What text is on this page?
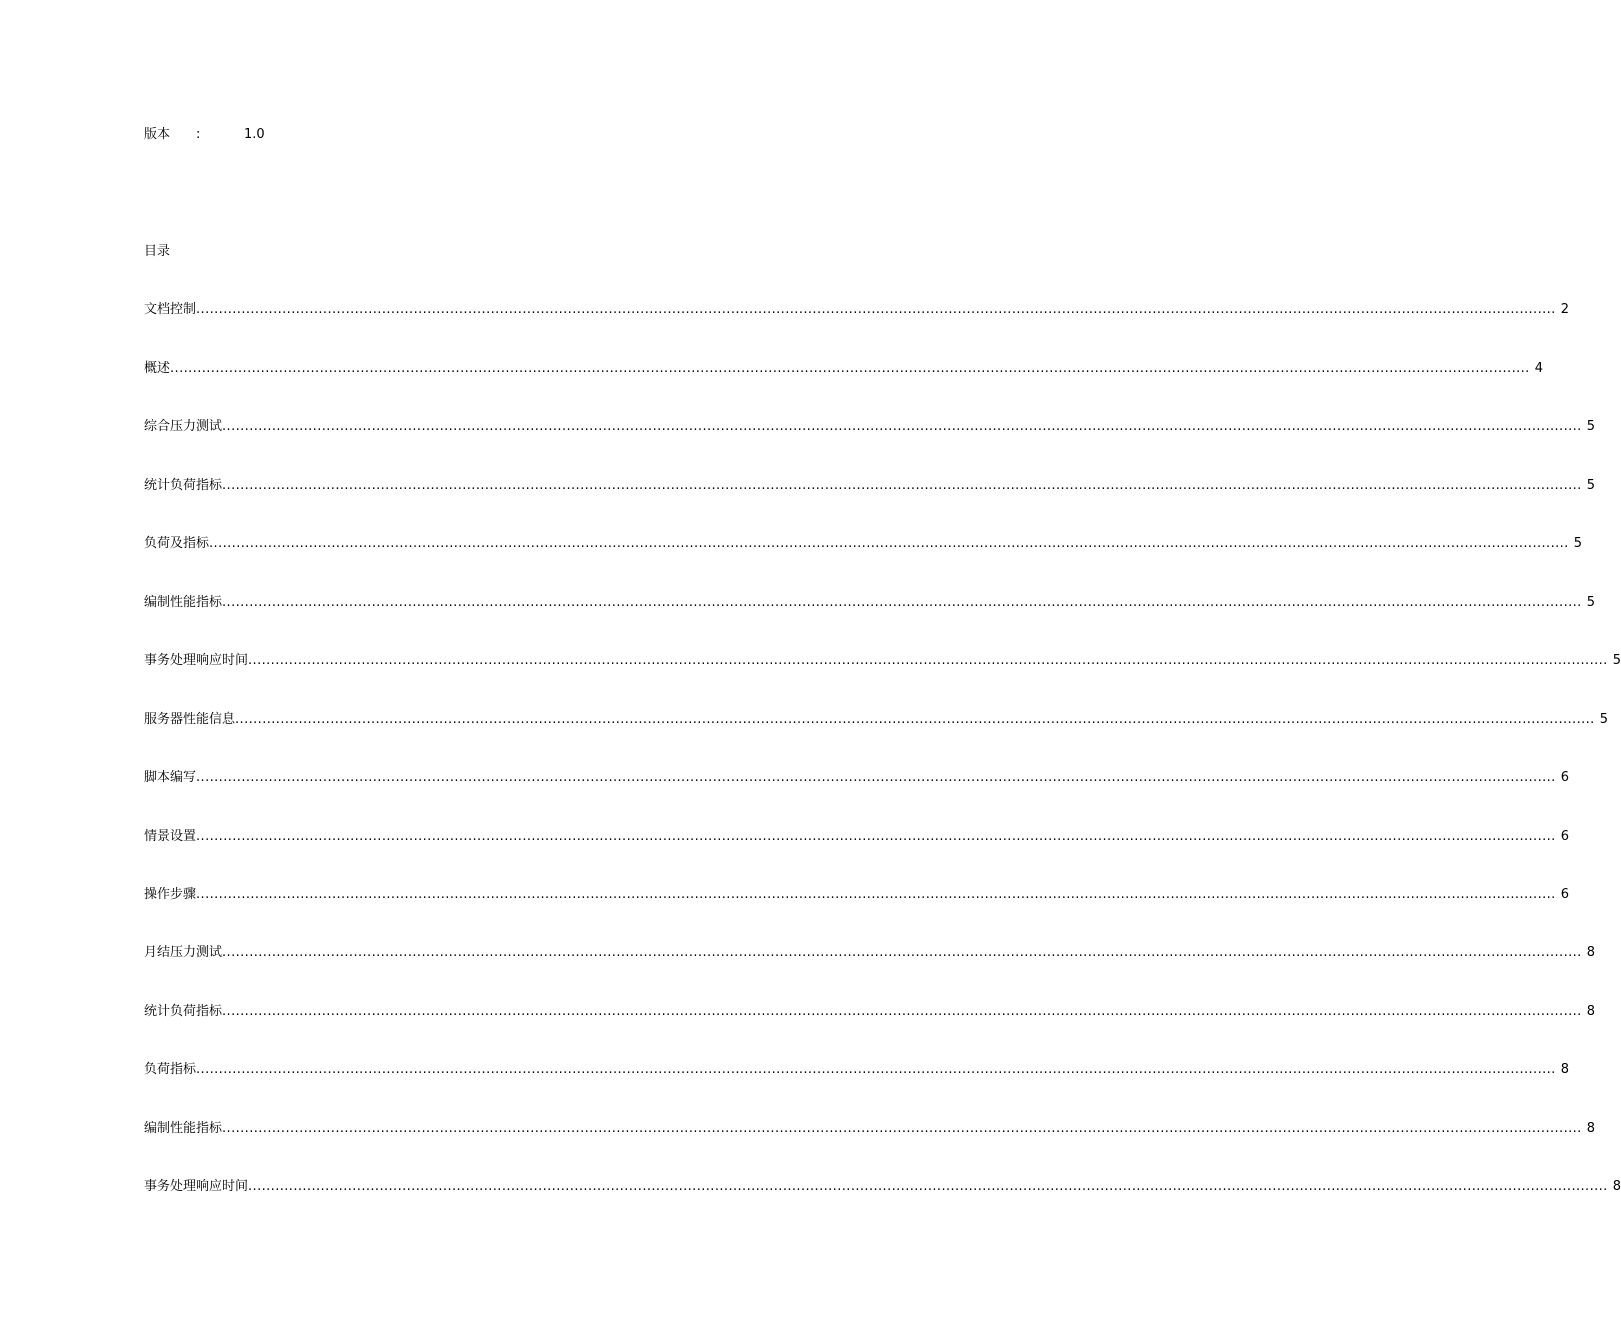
版本 :	1.0
目录
文档控制 ............................................................................................................................................................................................................................................................................................................ 2
概述 ............................................................................................................................................................................................................................................................................................................ 4
综合压力测试 ............................................................................................................................................................................................................................................................................................................ 5
统计负荷指标 ............................................................................................................................................................................................................................................................................................................ 5
负荷及指标 ............................................................................................................................................................................................................................................................................................................ 5
编制性能指标 ............................................................................................................................................................................................................................................................................................................ 5
事务处理响应时间 ............................................................................................................................................................................................................................................................................................................ 5
服务器性能信息 ............................................................................................................................................................................................................................................................................................................ 5
脚本编写 ............................................................................................................................................................................................................................................................................................................ 6
情景设置 ............................................................................................................................................................................................................................................................................................................ 6
操作步骤 ............................................................................................................................................................................................................................................................................................................ 6
月结压力测试 ............................................................................................................................................................................................................................................................................................................ 8
统计负荷指标 ............................................................................................................................................................................................................................................................................................................ 8
负荷指标 ............................................................................................................................................................................................................................................................................................................ 8
编制性能指标 ............................................................................................................................................................................................................................................................................................................ 8
事务处理响应时间 ............................................................................................................................................................................................................................................................................................................ 8
